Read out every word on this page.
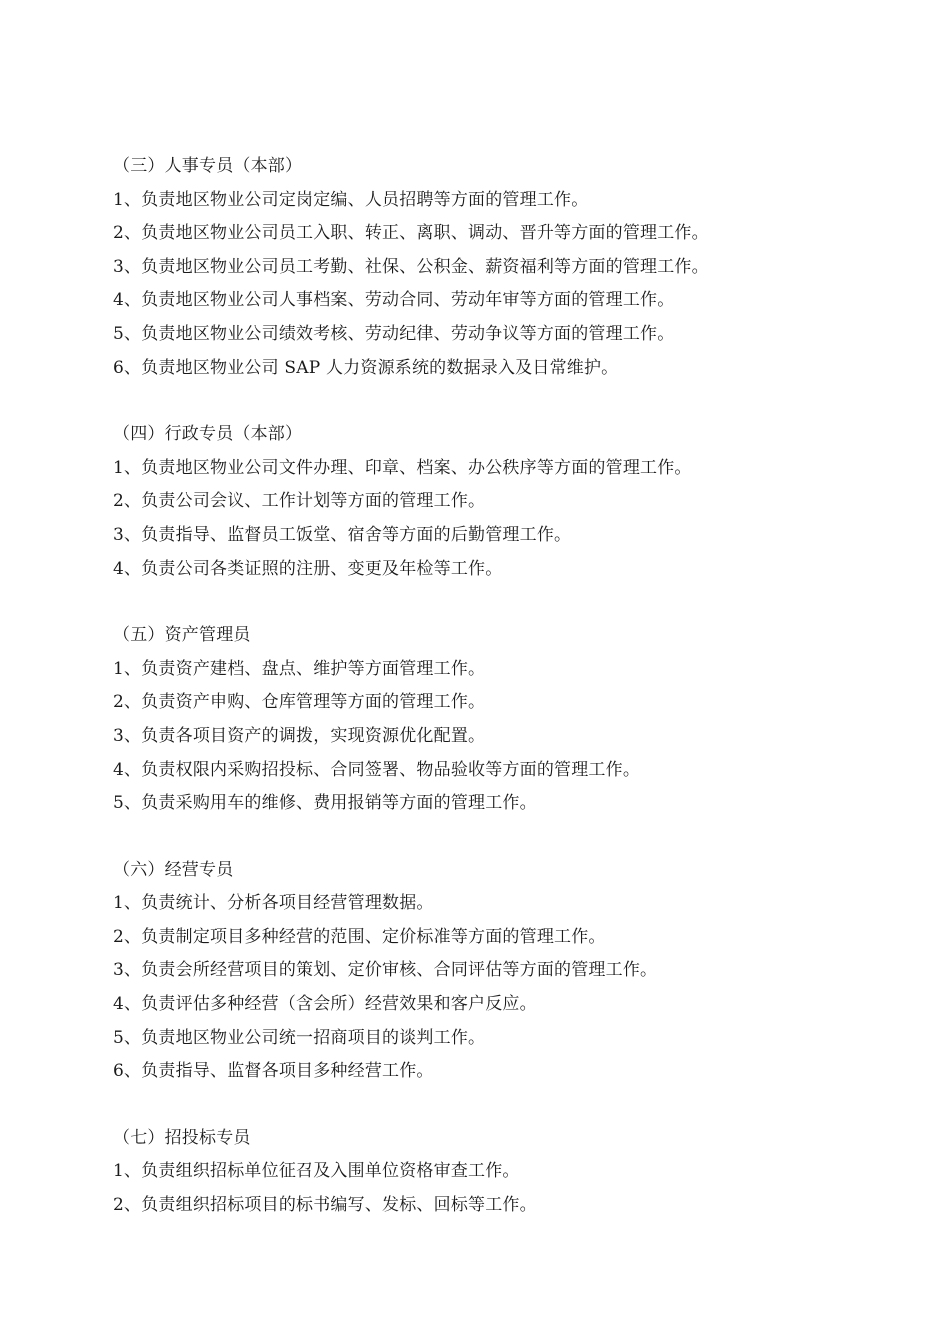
（三）人事专员（本部）
1、负责地区物业公司定岗定编、人员招聘等方面的管理工作。
2、负责地区物业公司员工入职、转正、离职、调动、晋升等方面的管理工作。
3、负责地区物业公司员工考勤、社保、公积金、薪资福利等方面的管理工作。
4、负责地区物业公司人事档案、劳动合同、劳动年审等方面的管理工作。
5、负责地区物业公司绩效考核、劳动纪律、劳动争议等方面的管理工作。
6、负责地区物业公司 SAP 人力资源系统的数据录入及日常维护。
（四）行政专员（本部）
1、负责地区物业公司文件办理、印章、档案、办公秩序等方面的管理工作。
2、负责公司会议、工作计划等方面的管理工作。
3、负责指导、监督员工饭堂、宿舍等方面的后勤管理工作。
4、负责公司各类证照的注册、变更及年检等工作。
（五）资产管理员
1、负责资产建档、盘点、维护等方面管理工作。
2、负责资产申购、仓库管理等方面的管理工作。
3、负责各项目资产的调拨，实现资源优化配置。
4、负责权限内采购招投标、合同签署、物品验收等方面的管理工作。
5、负责采购用车的维修、费用报销等方面的管理工作。
（六）经营专员
1、负责统计、分析各项目经营管理数据。
2、负责制定项目多种经营的范围、定价标准等方面的管理工作。
3、负责会所经营项目的策划、定价审核、合同评估等方面的管理工作。
4、负责评估多种经营（含会所）经营效果和客户反应。
5、负责地区物业公司统一招商项目的谈判工作。
6、负责指导、监督各项目多种经营工作。
（七）招投标专员
1、负责组织招标单位征召及入围单位资格审查工作。
2、负责组织招标项目的标书编写、发标、回标等工作。
